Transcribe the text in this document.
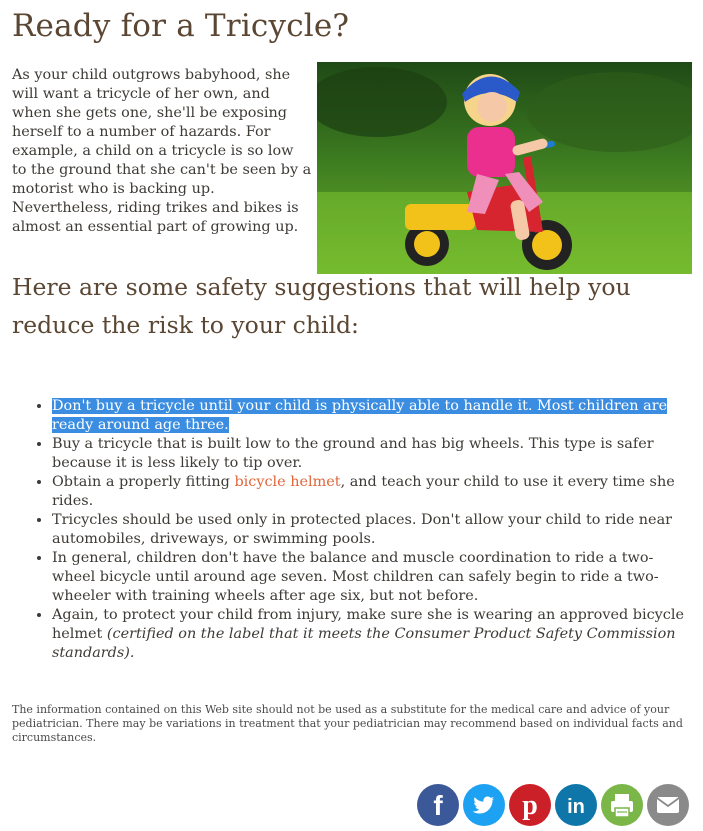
Ready for a Tricycle?

As your child outgrows babyhood, she will want a tricycle of her own, and when she gets one, she'll be exposing herself to a number of hazards. For example, a child on a tricycle is so low to the ground that she can't be seen by a motorist who is backing up. Nevertheless, riding trikes and bikes is almost an essential part of growing up.

Here are some safety suggestions that will help you reduce the risk to your child:
• Don't buy a tricycle until your child is physically able to handle it. Most children are ready around age three.
• Buy a tricycle that is built low to the ground and has big wheels. This type is safer because it is less likely to tip over.
• Obtain a properly fitting bicycle helmet, and teach your child to use it every time she rides.
• Tricycles should be used only in protected places. Don't allow your child to ride near automobiles, driveways, or swimming pools.
• In general, children don't have the balance and muscle coordination to ride a two-wheel bicycle until around age seven. Most children can safely begin to ride a two-wheeler with training wheels after age six, but not before.
• Again, to protect your child from injury, make sure she is wearing an approved bicycle helmet (certified on the label that it meets the Consumer Product Safety Commission standards).

The information contained on this Web site should not be used as a substitute for the medical care and advice of your pediatrician. There may be variations in treatment that your pediatrician may recommend based on individual facts and circumstances.

f	p in
